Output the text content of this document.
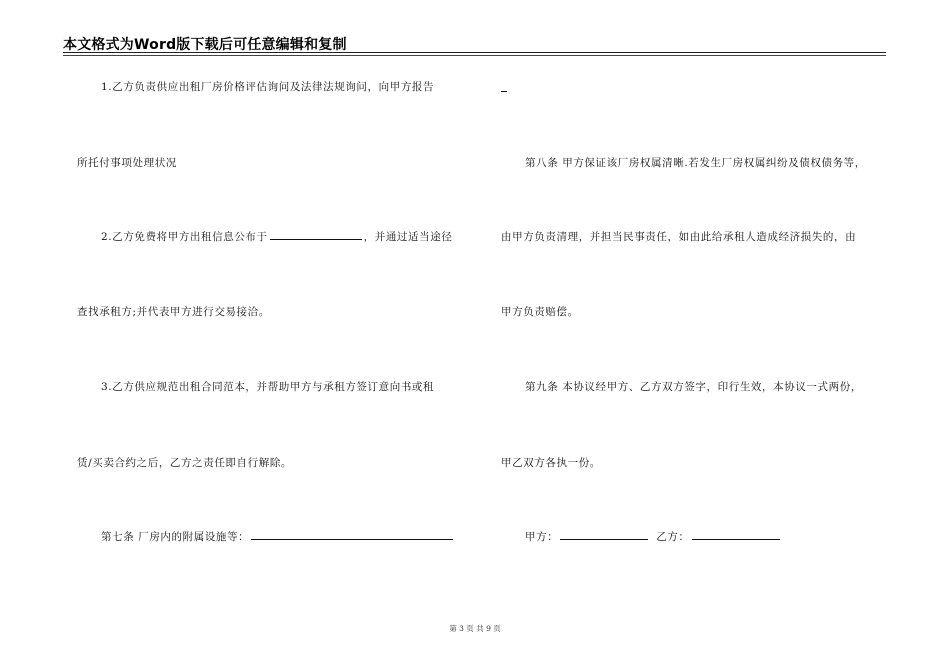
本文格式为Word版下载后可任意编辑和复制
1.乙方负责供应出租厂房价格评估询问及法律法规询问，向甲方报告
所托付事项处理状况
2.乙方免费将甲方出租信息公布于	，并通过适当途径
查找承租方;并代表甲方进行交易接洽。
3.乙方供应规范出租合同范本，并帮助甲方与承租方签订意向书或租
赁/买卖合约之后，乙方之责任即自行解除。
第七条 厂房内的附属设施等：
第八条 甲方保证该厂房权属清晰.若发生厂房权属纠纷及债权债务等，
由甲方负责清理，并担当民事责任，如由此给承租人造成经济损失的，由
甲方负责赔偿。
第九条 本协议经甲方、乙方双方签字，印行生效，本协议一式两份，
甲乙双方各执一份。
甲方：	乙方：
第 3 页 共 9 页
